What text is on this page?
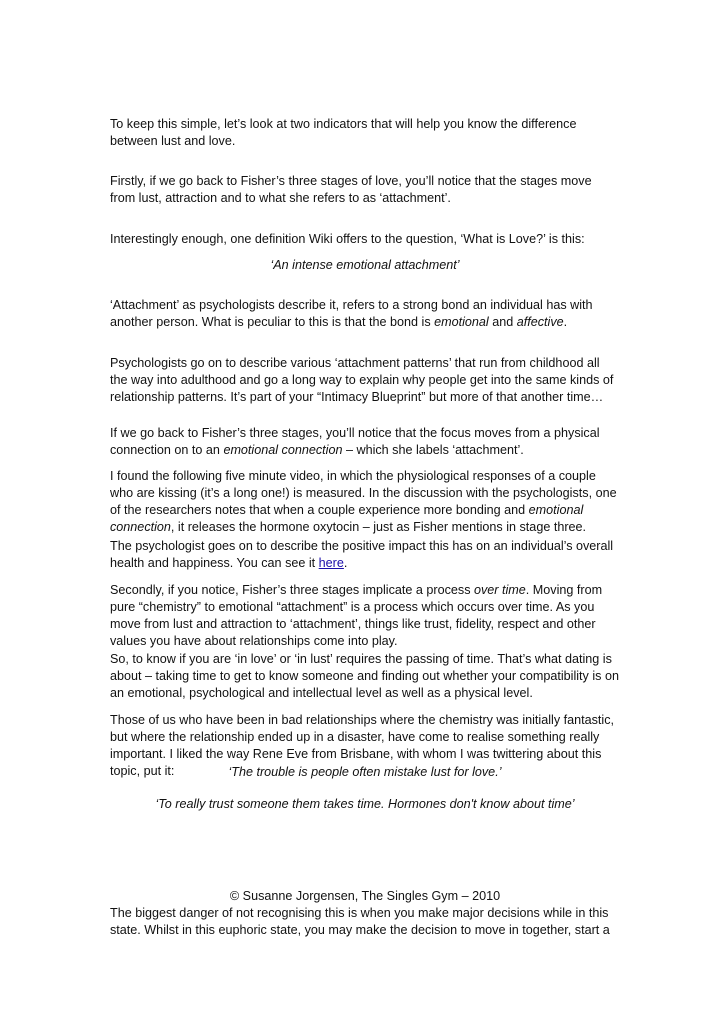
To keep this simple, let’s look at two indicators that will help you know the difference between lust and love.

Firstly, if we go back to Fisher’s three stages of love, you’ll notice that the stages move from lust, attraction and to what she refers to as ‘attachment’.

Interestingly enough, one definition Wiki offers to the question, ‘What is Love?’ is this:

‘An intense emotional attachment’

‘Attachment’ as psychologists describe it, refers to a strong bond an individual has with another person. What is peculiar to this is that the bond is emotional and affective.

Psychologists go on to describe various ‘attachment patterns’ that run from childhood all the way into adulthood and go a long way to explain why people get into the same kinds of relationship patterns. It’s part of your “Intimacy Blueprint” but more of that another time…

If we go back to Fisher’s three stages, you’ll notice that the focus moves from a physical connection on to an emotional connection – which she labels ‘attachment’.

I found the following five minute video, in which the physiological responses of a couple who are kissing (it’s a long one!) is measured. In the discussion with the psychologists, one of the researchers notes that when a couple experience more bonding and emotional connection, it releases the hormone oxytocin – just as Fisher mentions in stage three.

The psychologist goes on to describe the positive impact this has on an individual’s overall health and happiness. You can see it here.

Secondly, if you notice, Fisher’s three stages implicate a process over time. Moving from pure “chemistry” to emotional “attachment” is a process which occurs over time. As you move from lust and attraction to ‘attachment’, things like trust, fidelity, respect and other values you have about relationships come into play.

So, to know if you are ‘in love’ or ‘in lust’ requires the passing of time. That’s what dating is about – taking time to get to know someone and finding out whether your compatibility is on an emotional, psychological and intellectual level as well as a physical level.

Those of us who have been in bad relationships where the chemistry was initially fantastic, but where the relationship ended up in a disaster, have come to realise something really important. I liked the way Rene Eve from Brisbane, with whom I was twittering about this topic, put it:	‘The trouble is people often mistake lust for love.’

‘To really trust someone them takes time. Hormones don't know about time’

© Susanne Jorgensen, The Singles Gym – 2010

The biggest danger of not recognising this is when you make major decisions while in this state. Whilst in this euphoric state, you may make the decision to move in together, start a
